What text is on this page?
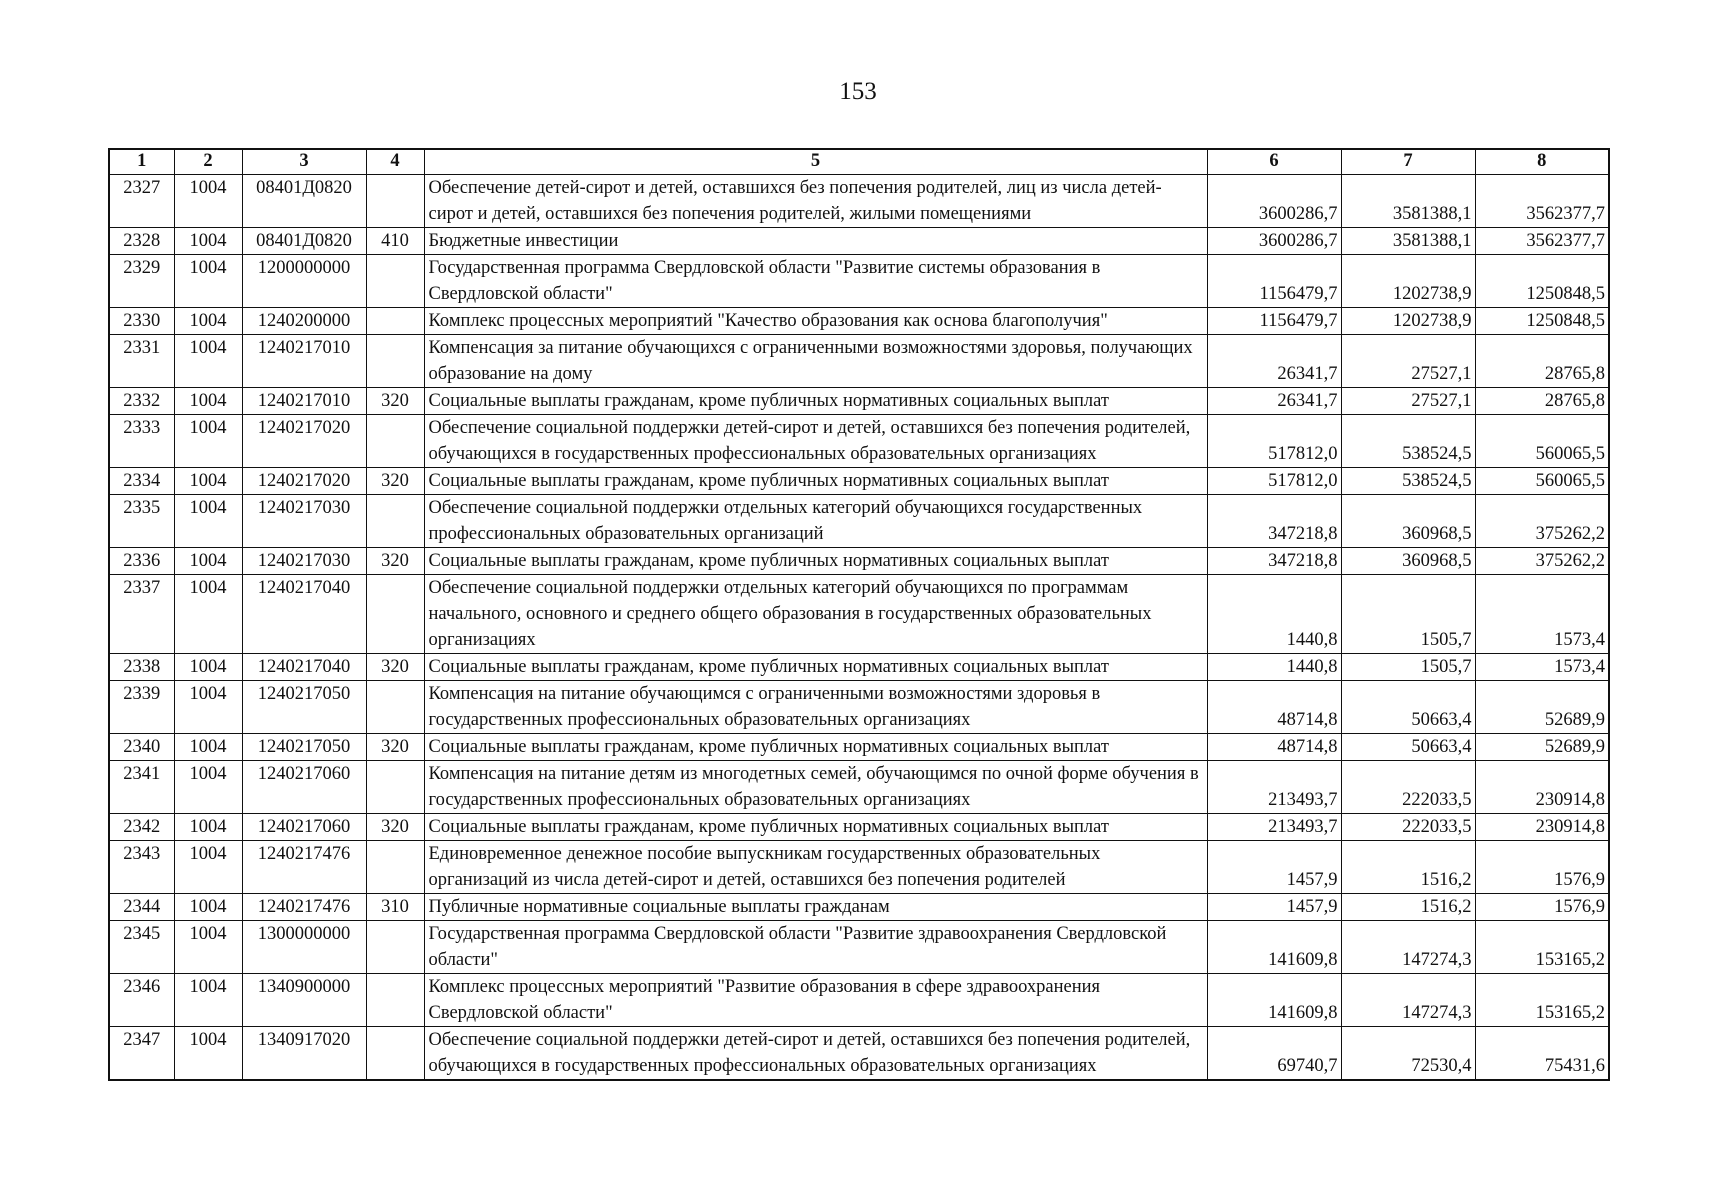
153
1	2	3	4	5	6	7	8
2327	1004	08401Д0820		Обеспечение детей-сирот и детей, оставшихся без попечения родителей, лиц из числа детей-сирот и детей, оставшихся без попечения родителей, жилыми помещениями	3600286,7	3581388,1	3562377,7
2328	1004	08401Д0820	410	Бюджетные инвестиции	3600286,7	3581388,1	3562377,7
2329	1004	1200000000		Государственная программа Свердловской области "Развитие системы образования в Свердловской области"	1156479,7	1202738,9	1250848,5
2330	1004	1240200000		Комплекс процессных мероприятий "Качество образования как основа благополучия"	1156479,7	1202738,9	1250848,5
2331	1004	1240217010		Компенсация за питание обучающихся с ограниченными возможностями здоровья, получающих образование на дому	26341,7	27527,1	28765,8
2332	1004	1240217010	320	Социальные выплаты гражданам, кроме публичных нормативных социальных выплат	26341,7	27527,1	28765,8
2333	1004	1240217020		Обеспечение социальной поддержки детей-сирот и детей, оставшихся без попечения родителей, обучающихся в государственных профессиональных образовательных организациях	517812,0	538524,5	560065,5
2334	1004	1240217020	320	Социальные выплаты гражданам, кроме публичных нормативных социальных выплат	517812,0	538524,5	560065,5
2335	1004	1240217030		Обеспечение социальной поддержки отдельных категорий обучающихся государственных профессиональных образовательных организаций	347218,8	360968,5	375262,2
2336	1004	1240217030	320	Социальные выплаты гражданам, кроме публичных нормативных социальных выплат	347218,8	360968,5	375262,2
2337	1004	1240217040		Обеспечение социальной поддержки отдельных категорий обучающихся по программам начального, основного и среднего общего образования в государственных образовательных организациях	1440,8	1505,7	1573,4
2338	1004	1240217040	320	Социальные выплаты гражданам, кроме публичных нормативных социальных выплат	1440,8	1505,7	1573,4
2339	1004	1240217050		Компенсация на питание обучающимся с ограниченными возможностями здоровья в государственных профессиональных образовательных организациях	48714,8	50663,4	52689,9
2340	1004	1240217050	320	Социальные выплаты гражданам, кроме публичных нормативных социальных выплат	48714,8	50663,4	52689,9
2341	1004	1240217060		Компенсация на питание детям из многодетных семей, обучающимся по очной форме обучения в государственных профессиональных образовательных организациях	213493,7	222033,5	230914,8
2342	1004	1240217060	320	Социальные выплаты гражданам, кроме публичных нормативных социальных выплат	213493,7	222033,5	230914,8
2343	1004	1240217476		Единовременное денежное пособие выпускникам государственных образовательных организаций из числа детей-сирот и детей, оставшихся без попечения родителей	1457,9	1516,2	1576,9
2344	1004	1240217476	310	Публичные нормативные социальные выплаты гражданам	1457,9	1516,2	1576,9
2345	1004	1300000000		Государственная программа Свердловской области "Развитие здравоохранения Свердловской области"	141609,8	147274,3	153165,2
2346	1004	1340900000		Комплекс процессных мероприятий "Развитие образования в сфере здравоохранения Свердловской области"	141609,8	147274,3	153165,2
2347	1004	1340917020		Обеспечение социальной поддержки детей-сирот и детей, оставшихся без попечения родителей, обучающихся в государственных профессиональных образовательных организациях	69740,7	72530,4	75431,6
